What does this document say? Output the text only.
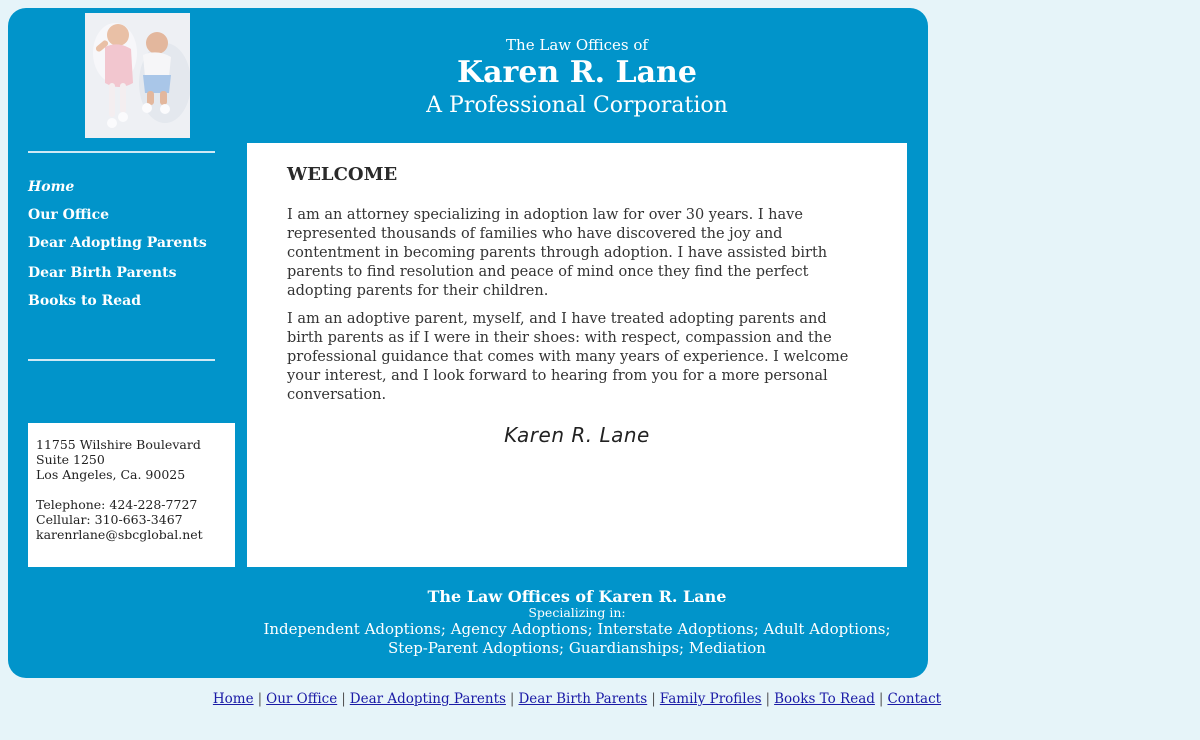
The Law Offices of
Karen R. Lane
A Professional Corporation
Home
Our Office
Dear Adopting Parents
Dear Birth Parents
Books to Read
11755 Wilshire Boulevard
Suite 1250
Los Angeles, Ca. 90025
Telephone: 424-228-7727
Cellular: 310-663-3467
karenrlane@sbcglobal.net
WELCOME

I am an attorney specializing in adoption law for over 30 years. I have represented thousands of families who have discovered the joy and contentment in becoming parents through adoption. I have assisted birth parents to find resolution and peace of mind once they find the perfect adopting parents for their children.

I am an adoptive parent, myself, and I have treated adopting parents and birth parents as if I were in their shoes: with respect, compassion and the professional guidance that comes with many years of experience. I welcome your interest, and I look forward to hearing from you for a more personal conversation.

Karen R. Lane
The Law Offices of Karen R. Lane
Specializing in:
Independent Adoptions; Agency Adoptions; Interstate Adoptions; Adult Adoptions;
Step-Parent Adoptions; Guardianships; Mediation
Home | Our Office | Dear Adopting Parents | Dear Birth Parents | Family Profiles | Books To Read | Contact
